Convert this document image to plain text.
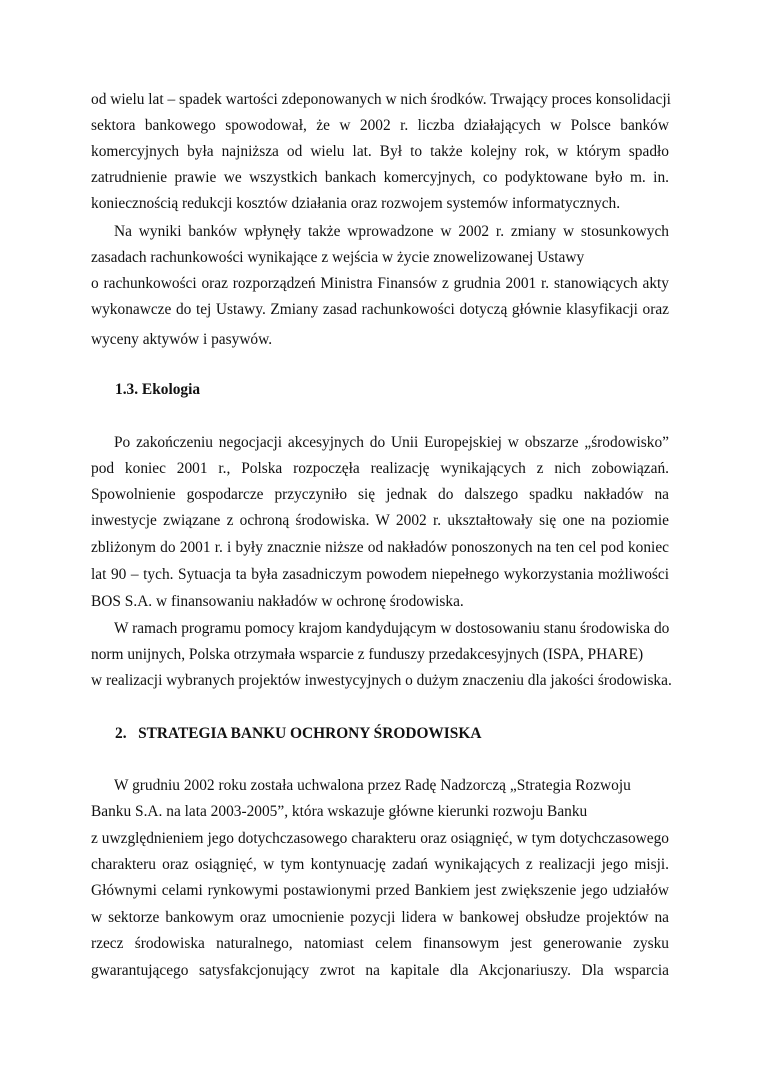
od wielu lat – spadek wartości zdeponowanych w nich środków. Trwający proces konsolidacji
sektora bankowego spowodował, że w 2002 r. liczba działających w Polsce banków
komercyjnych była najniższa od wielu lat. Był to także kolejny rok, w którym spadło
zatrudnienie prawie we wszystkich bankach komercyjnych, co podyktowane było m. in.
koniecznością redukcji kosztów działania oraz rozwojem systemów informatycznych.
Na wyniki banków wpłynęły także wprowadzone w 2002 r. zmiany w stosunkowych
zasadach rachunkowości wynikające z wejścia w życie znowelizowanej Ustawy
o rachunkowości oraz rozporządzeń Ministra Finansów z grudnia 2001 r. stanowiących akty
wykonawcze do tej Ustawy. Zmiany zasad rachunkowości dotyczą głównie klasyfikacji oraz
wyceny aktywów i pasywów.
1.3. Ekologia
Po zakończeniu negocjacji akcesyjnych do Unii Europejskiej w obszarze „środowisko”
pod koniec 2001 r., Polska rozpoczęła realizację wynikających z nich zobowiązań.
Spowolnienie gospodarcze przyczyniło się jednak do dalszego spadku nakładów na
inwestycje związane z ochroną środowiska. W 2002 r. ukształtowały się one na poziomie
zbliżonym do 2001 r. i były znacznie niższe od nakładów ponoszonych na ten cel pod koniec
lat 90 – tych. Sytuacja ta była zasadniczym powodem niepełnego wykorzystania możliwości
BOS S.A. w finansowaniu nakładów w ochronę środowiska.
W ramach programu pomocy krajom kandydującym w dostosowaniu stanu środowiska do
norm unijnych, Polska otrzymała wsparcie z funduszy przedakcesyjnych (ISPA, PHARE)
w realizacji wybranych projektów inwestycyjnych o dużym znaczeniu dla jakości środowiska.
2.   STRATEGIA BANKU OCHRONY ŚRODOWISKA
W grudniu 2002 roku została uchwalona przez Radę Nadzorczą „Strategia Rozwoju
Banku S.A. na lata 2003-2005”, która wskazuje główne kierunki rozwoju Banku
z uwzględnieniem jego dotychczasowego charakteru oraz osiągnięć, w tym dotychczasowego
charakteru oraz osiągnięć, w tym kontynuację zadań wynikających z realizacji jego misji.
Głównymi celami rynkowymi postawionymi przed Bankiem jest zwiększenie jego udziałów
w sektorze bankowym oraz umocnienie pozycji lidera w bankowej obsłudze projektów na
rzecz środowiska naturalnego, natomiast celem finansowym jest generowanie zysku
gwarantującego satysfakcjonujący zwrot na kapitale dla Akcjonariuszy. Dla wsparcia
